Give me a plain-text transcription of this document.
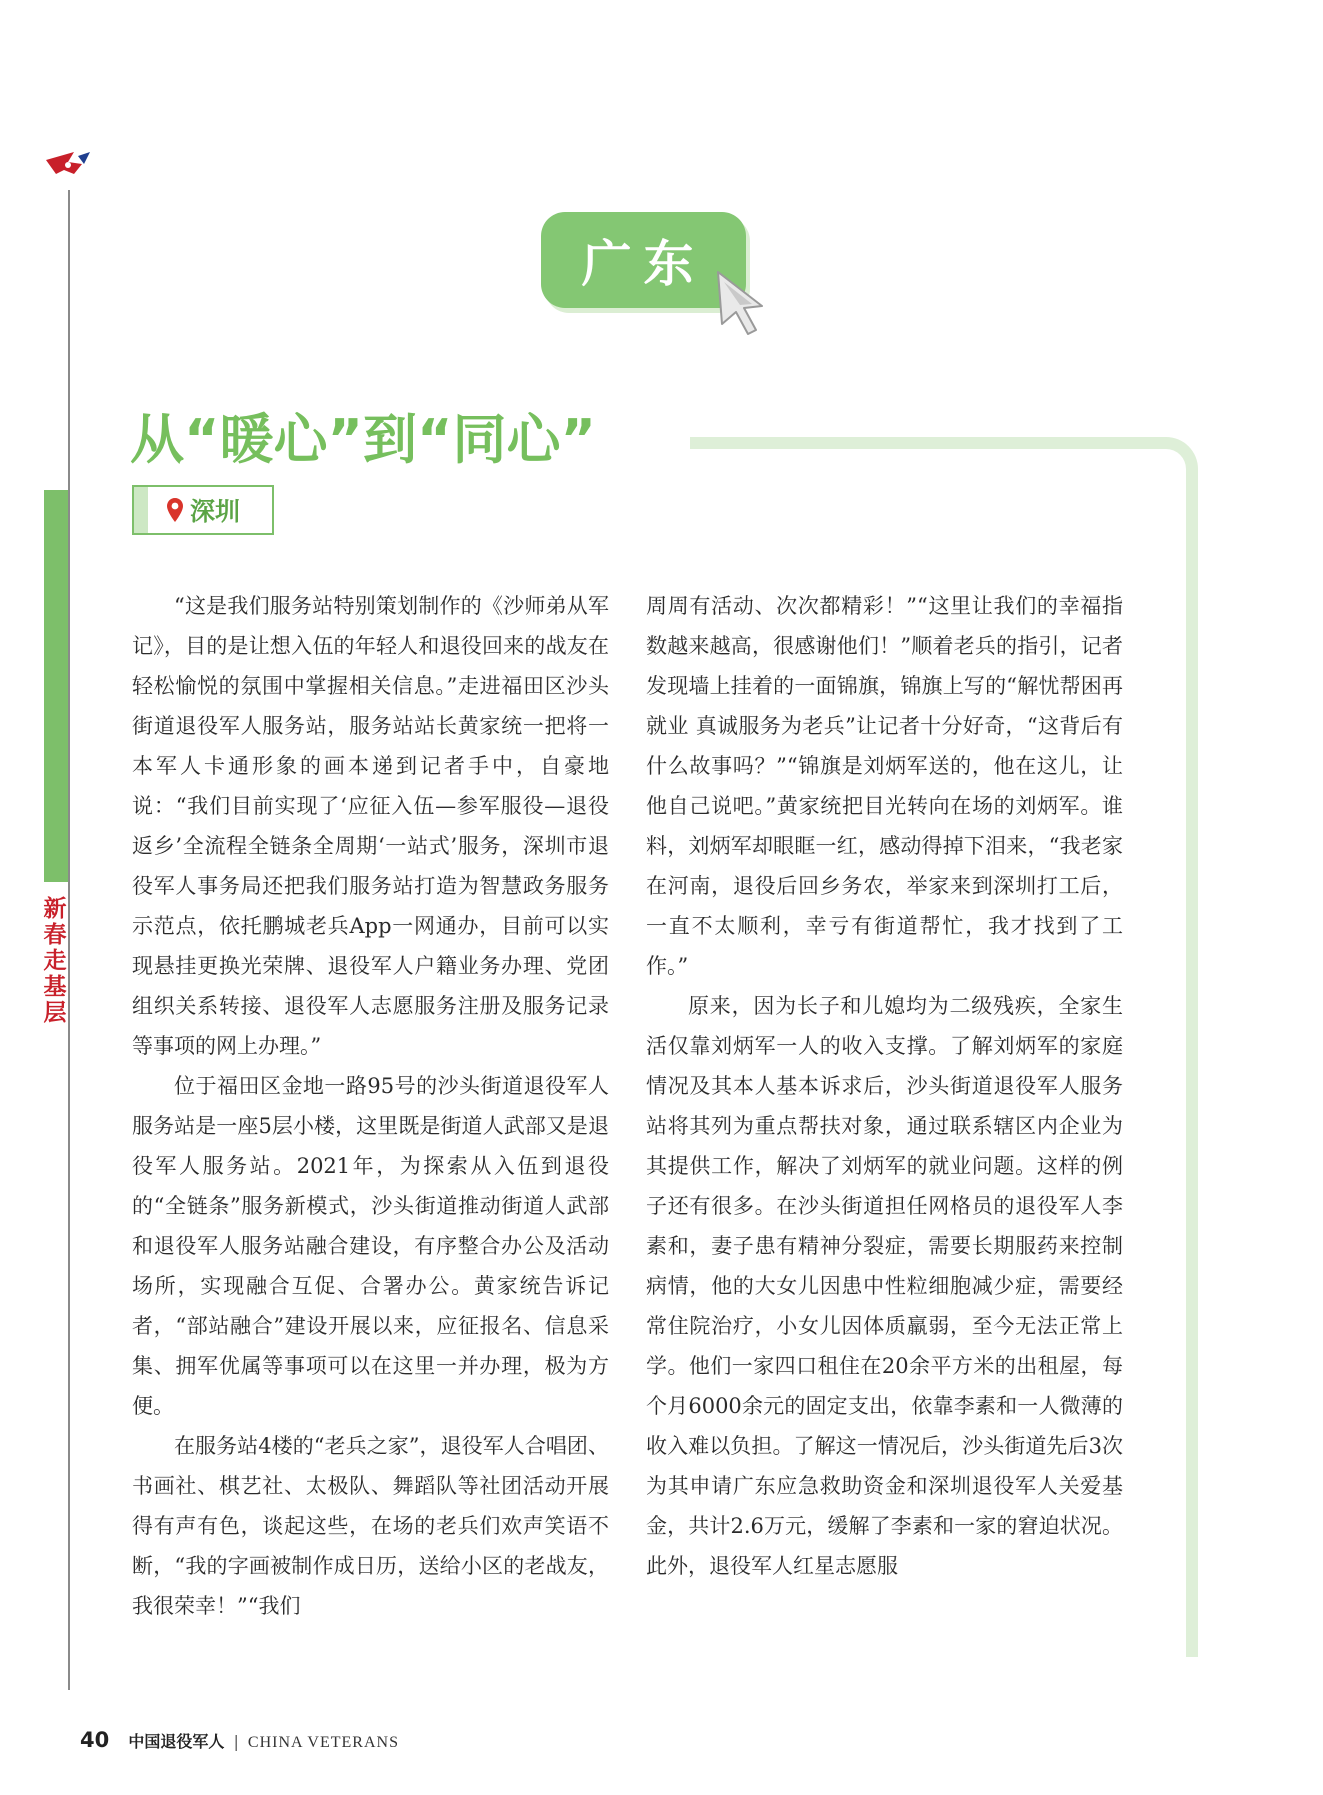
新春走基层
广东
从“暖心”到“同心”
深圳

“这是我们服务站特别策划制作的《沙师弟从军记》，目的是让想入伍的年轻人和退役回来的战友在轻松愉悦的氛围中掌握相关信息。”走进福田区沙头街道退役军人服务站，服务站站长黄家统一把将一本军人卡通形象的画本递到记者手中，自豪地说：“我们目前实现了‘应征入伍—参军服役—退役返乡’全流程全链条全周期‘一站式’服务，深圳市退役军人事务局还把我们服务站打造为智慧政务服务示范点，依托鹏城老兵App一网通办，目前可以实现悬挂更换光荣牌、退役军人户籍业务办理、党团组织关系转接、退役军人志愿服务注册及服务记录等事项的网上办理。”

位于福田区金地一路95号的沙头街道退役军人服务站是一座5层小楼，这里既是街道人武部又是退役军人服务站。2021年，为探索从入伍到退役的“全链条”服务新模式，沙头街道推动街道人武部和退役军人服务站融合建设，有序整合办公及活动场所，实现融合互促、合署办公。黄家统告诉记者，“部站融合”建设开展以来，应征报名、信息采集、拥军优属等事项可以在这里一并办理，极为方便。

在服务站4楼的“老兵之家”，退役军人合唱团、书画社、棋艺社、太极队、舞蹈队等社团活动开展得有声有色，谈起这些，在场的老兵们欢声笑语不断，“我的字画被制作成日历，送给小区的老战友，我很荣幸！”“我们

周周有活动、次次都精彩！”“这里让我们的幸福指数越来越高，很感谢他们！”顺着老兵的指引，记者发现墙上挂着的一面锦旗，锦旗上写的“解忧帮困再就业 真诚服务为老兵”让记者十分好奇，“这背后有什么故事吗？”“锦旗是刘炳军送的，他在这儿，让他自己说吧。”黄家统把目光转向在场的刘炳军。谁料，刘炳军却眼眶一红，感动得掉下泪来，“我老家在河南，退役后回乡务农，举家来到深圳打工后，一直不太顺利，幸亏有街道帮忙，我才找到了工作。”

原来，因为长子和儿媳均为二级残疾，全家生活仅靠刘炳军一人的收入支撑。了解刘炳军的家庭情况及其本人基本诉求后，沙头街道退役军人服务站将其列为重点帮扶对象，通过联系辖区内企业为其提供工作，解决了刘炳军的就业问题。这样的例子还有很多。在沙头街道担任网格员的退役军人李素和，妻子患有精神分裂症，需要长期服药来控制病情，他的大女儿因患中性粒细胞减少症，需要经常住院治疗，小女儿因体质羸弱，至今无法正常上学。他们一家四口租住在20余平方米的出租屋，每个月6000余元的固定支出，依靠李素和一人微薄的收入难以负担。了解这一情况后，沙头街道先后3次为其申请广东应急救助资金和深圳退役军人关爱基金，共计2.6万元，缓解了李素和一家的窘迫状况。此外，退役军人红星志愿服

40 中国退役军人 | CHINA VETERANS
